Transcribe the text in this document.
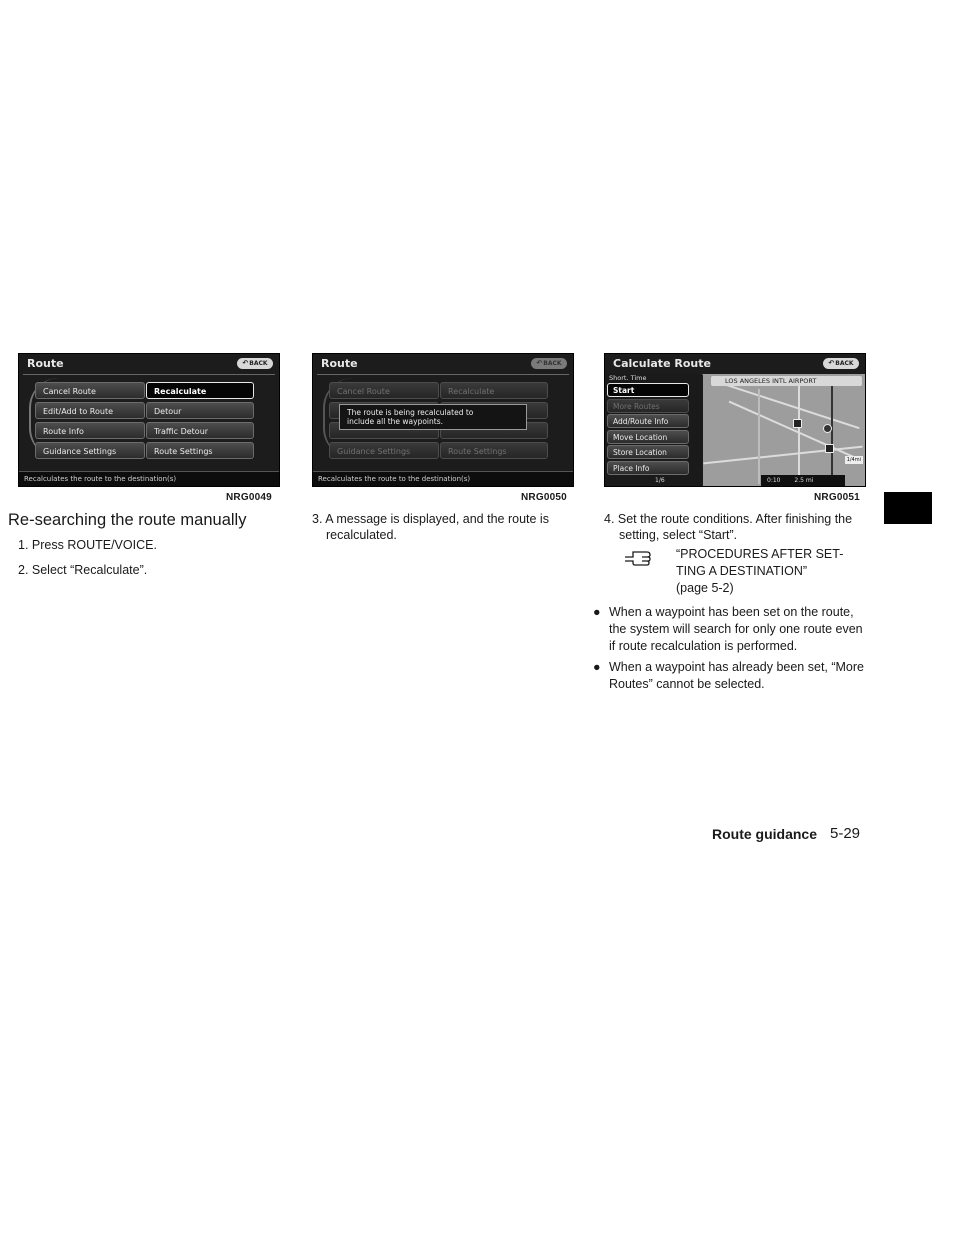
Route	↶BACK
Cancel Route	Recalculate
Edit/Add to Route	Detour
Route Info	Traffic Detour
Guidance Settings	Route Settings
Recalculates the route to the destination(s)
NRG0049
Route	↶BACK
Cancel Route	Recalculate
Guidance Settings	Route Settings
The route is being recalculated to
include all the waypoints.
Recalculates the route to the destination(s)
NRG0050
Calculate Route	↶BACK
LOS ANGELES INTL AIRPORT
1/4mi
0:10 2.5 mi
Short. Time
Start
More Routes
Add/Route Info
Move Location
Store Location
Place Info
1/6
NRG0051
Re-searching the route manually
1. Press ROUTE/VOICE.
2. Select “Recalculate”.
3. A message is displayed, and the route is
recalculated.
4. Set the route conditions. After finishing the
setting, select “Start”.
“PROCEDURES AFTER SET-
TING A DESTINATION”
(page 5-2)
● When a waypoint has been set on the route,
the system will search for only one route even
if route recalculation is performed.
● When a waypoint has already been set, “More
Routes” cannot be selected.
Route guidance 5-29
